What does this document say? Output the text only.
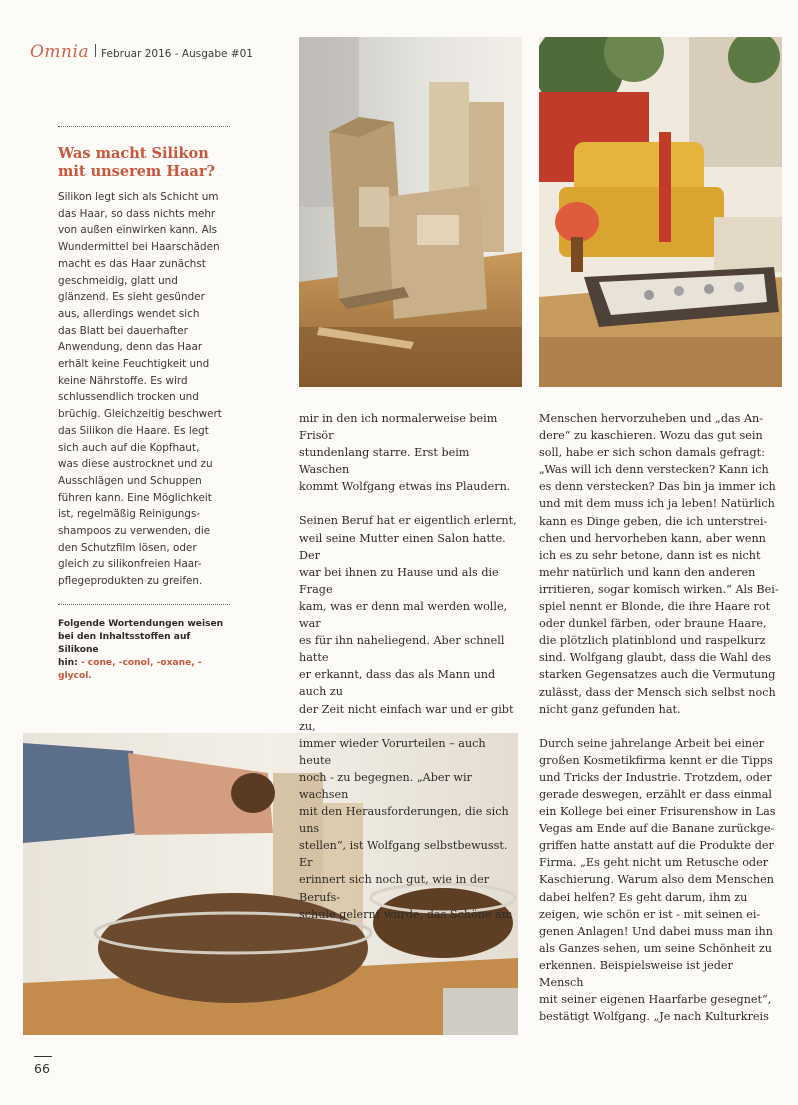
Omnia Februar 2016 - Ausgabe #01
Was macht Silikon
mit unserem Haar?
Silikon legt sich als Schicht um
das Haar, so dass nichts mehr
von außen einwirken kann. Als
Wundermittel bei Haarschäden
macht es das Haar zunächst
geschmeidig, glatt und
glänzend. Es sieht gesünder
aus, allerdings wendet sich
das Blatt bei dauerhafter
Anwendung, denn das Haar
erhält keine Feuchtigkeit und
keine Nährstoffe. Es wird
schlussendlich trocken und
brüchig. Gleichzeitig beschwert
das Silikon die Haare. Es legt
sich auch auf die Kopfhaut,
was diese austrocknet und zu
Ausschlägen und Schuppen
führen kann. Eine Möglichkeit
ist, regelmäßig Reinigungs-
shampoos zu verwenden, die
den Schutzfilm lösen, oder
gleich zu silikonfreien Haar-
pflegeprodukten zu greifen.
Folgende Wortendungen weisen
bei den Inhaltsstoffen auf Silikone
hin: - cone, -conol, -oxane, -glycol.

mir in den ich normalerweise beim Frisör
stundenlang starre. Erst beim Waschen
kommt Wolfgang etwas ins Plaudern.

Seinen Beruf hat er eigentlich erlernt,
weil seine Mutter einen Salon hatte. Der
war bei ihnen zu Hause und als die Frage
kam, was er denn mal werden wolle, war
es für ihn naheliegend. Aber schnell hatte
er erkannt, dass das als Mann und auch zu
der Zeit nicht einfach war und er gibt zu,
immer wieder Vorurteilen – auch heute
noch - zu begegnen. „Aber wir wachsen
mit den Herausforderungen, die sich uns
stellen“, ist Wolfgang selbstbewusst. Er
erinnert sich noch gut, wie in der Berufs-
schule gelernt wurde, das Schöne am

Menschen hervorzuheben und „das An-
dere“ zu kaschieren. Wozu das gut sein
soll, habe er sich schon damals gefragt:
„Was will ich denn verstecken? Kann ich
es denn verstecken? Das bin ja immer ich
und mit dem muss ich ja leben! Natürlich
kann es Dinge geben, die ich unterstrei-
chen und hervorheben kann, aber wenn
ich es zu sehr betone, dann ist es nicht
mehr natürlich und kann den anderen
irritieren, sogar komisch wirken.“ Als Bei-
spiel nennt er Blonde, die ihre Haare rot
oder dunkel färben, oder braune Haare,
die plötzlich platinblond und raspelkurz
sind. Wolfgang glaubt, dass die Wahl des
starken Gegensatzes auch die Vermutung
zulässt, dass der Mensch sich selbst noch
nicht ganz gefunden hat.

Durch seine jahrelange Arbeit bei einer
großen Kosmetikfirma kennt er die Tipps
und Tricks der Industrie. Trotzdem, oder
gerade deswegen, erzählt er dass einmal
ein Kollege bei einer Frisurenshow in Las
Vegas am Ende auf die Banane zurückge-
griffen hatte anstatt auf die Produkte der
Firma. „Es geht nicht um Retusche oder
Kaschierung. Warum also dem Menschen
dabei helfen? Es geht darum, ihm zu
zeigen, wie schön er ist - mit seinen ei-
genen Anlagen! Und dabei muss man ihn
als Ganzes sehen, um seine Schönheit zu
erkennen. Beispielsweise ist jeder Mensch
mit seiner eigenen Haarfarbe gesegnet“,
bestätigt Wolfgang. „Je nach Kulturkreis

66
